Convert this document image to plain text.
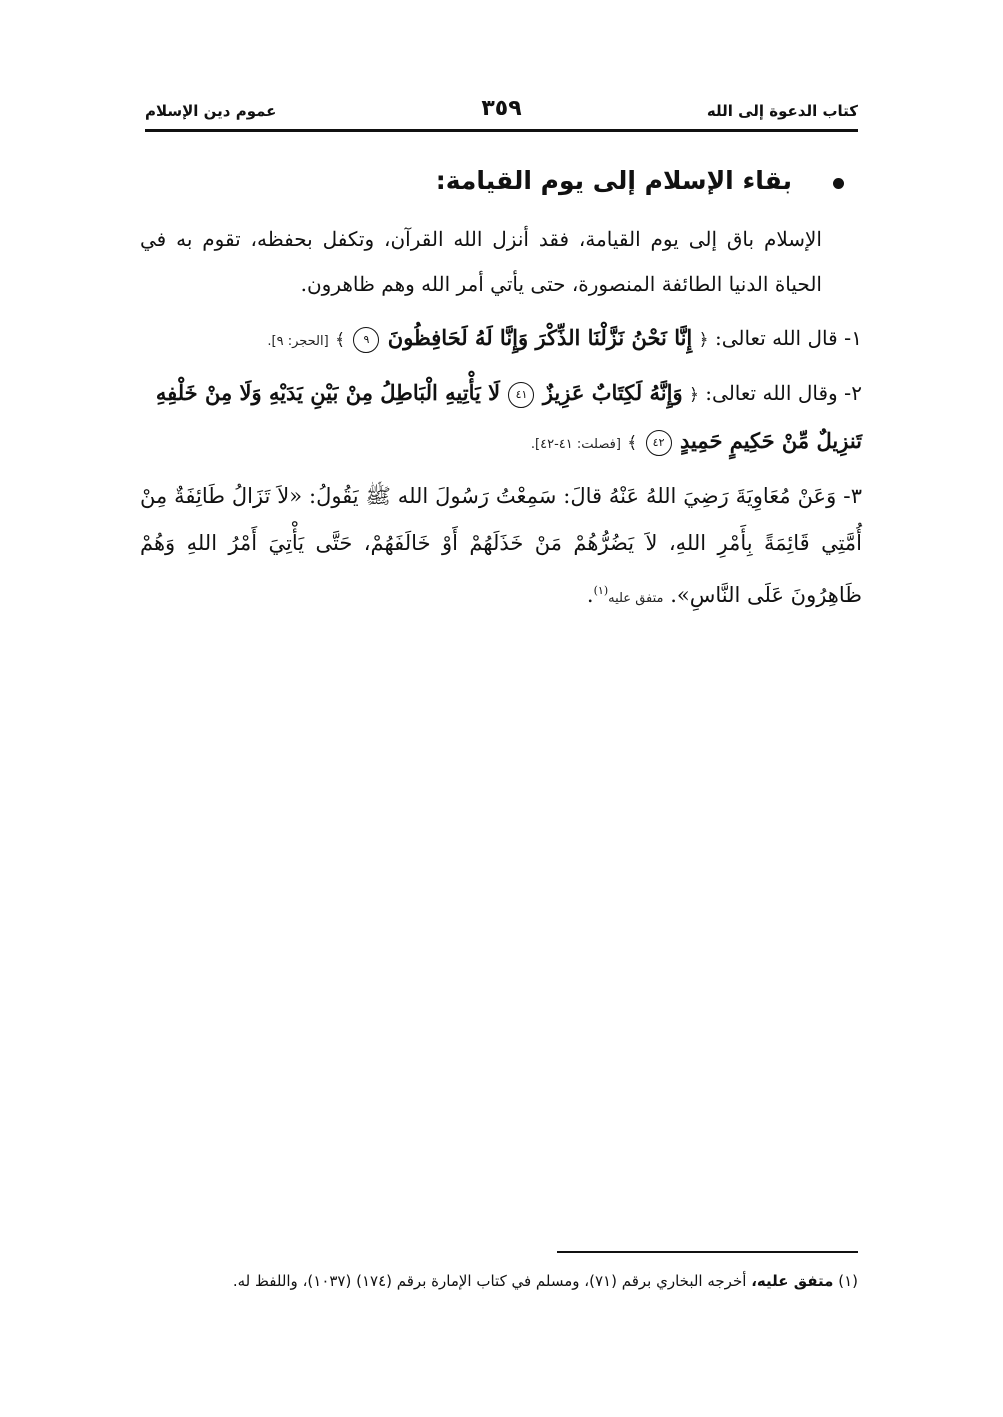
كتاب الدعوة إلى الله
٣٥٩
عموم دين الإسلام
بقاء الإسلام إلى يوم القيامة:

الإسلام باق إلى يوم القيامة، فقد أنزل الله القرآن، وتكفل بحفظه، تقوم به في الحياة الدنيا الطائفة المنصورة، حتى يأتي أمر الله وهم ظاهرون.

١- قال الله تعالى: ﴿ إِنَّا نَحْنُ نَزَّلْنَا الذِّكْرَ وَإِنَّا لَهُ لَحَافِظُونَ ٩ ﴾ [الحجر: ٩].

٢- وقال الله تعالى: ﴿ وَإِنَّهُ لَكِتَابٌ عَزِيزٌ ٤١ لَا يَأْتِيهِ الْبَاطِلُ مِنْ بَيْنِ يَدَيْهِ وَلَا مِنْ خَلْفِهِ تَنزِيلٌ مِّنْ حَكِيمٍ حَمِيدٍ ٤٢ ﴾ [فصلت: ٤١-٤٢].

٣- وَعَنْ مُعَاوِيَةَ رَضِيَ اللهُ عَنْهُ قالَ: سَمِعْتُ رَسُولَ الله ﷺ يَقُولُ: «لاَ تَزَالُ طَائِفَةٌ مِنْ أُمَّتِي قَائِمَةً بِأَمْرِ اللهِ، لاَ يَضُرُّهُمْ مَنْ خَذَلَهُمْ أَوْ خَالَفَهُمْ، حَتَّى يَأْتِيَ أَمْرُ اللهِ وَهُمْ ظَاهِرُونَ عَلَى النَّاسِ». متفق عليه$^{(١)}$.

(١) متفق عليه، أخرجه البخاري برقم (٧١)، ومسلم في كتاب الإمارة برقم (١٧٤) (١٠٣٧)، واللفظ له.
